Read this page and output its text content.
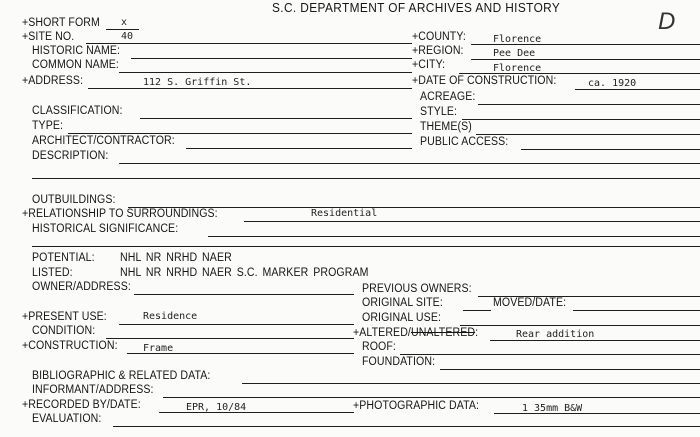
S.C. DEPARTMENT OF ARCHIVES AND HISTORY	D
+SHORT FORM x
+SITE NO.	40	+COUNTY:	Florence
HISTORIC NAME:	+REGION:	Pee Dee
COMMON NAME:	+CITY:	Florence
+ADDRESS:	112 S. Griffin St.	+DATE OF CONSTRUCTION:	ca. 1920
ACREAGE:
CLASSIFICATION:	STYLE:
TYPE:	THEME(S)
ARCHITECT/CONTRACTOR:	PUBLIC ACCESS:
DESCRIPTION:
OUTBUILDINGS:
+RELATIONSHIP TO SURROUNDINGS:	Residential
HISTORICAL SIGNIFICANCE:
POTENTIAL: NHL NR NRHD NAER
LISTED:	NHL NR NRHD NAER S.C. MARKER PROGRAM
OWNER/ADDRESS:	PREVIOUS OWNERS:
ORIGINAL SITE:	MOVED/DATE:
+PRESENT USE:	Residence	ORIGINAL USE:
CONDITION:	+ALTERED/UNALTERED:	Rear addition
+CONSTRUCTION:	Frame	ROOF:
FOUNDATION:
BIBLIOGRAPHIC & RELATED DATA:
INFORMANT/ADDRESS:
+RECORDED BY/DATE:	EPR, 10/84	+PHOTOGRAPHIC DATA:	1 35mm B&W
EVALUATION:
